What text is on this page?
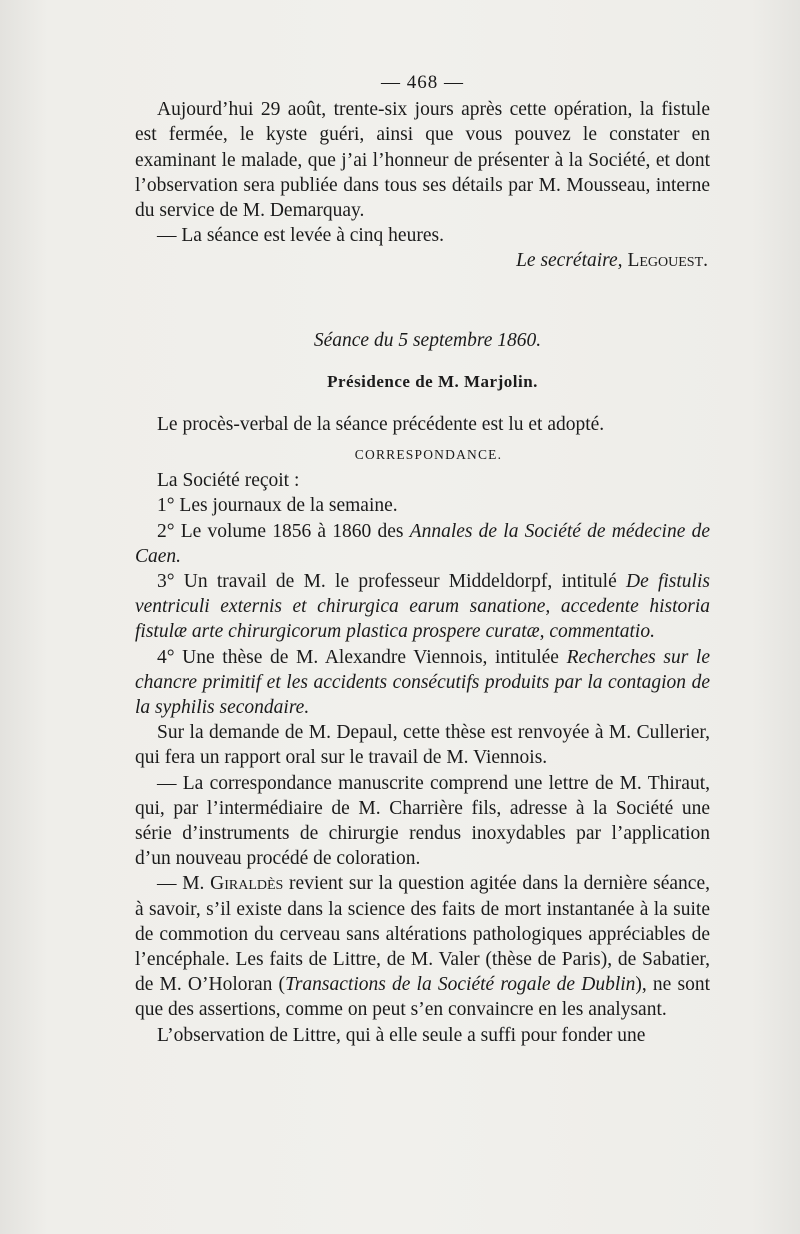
— 468 —

Aujourd’hui 29 août, trente-six jours après cette opération, la fistule est fermée, le kyste guéri, ainsi que vous pouvez le constater en examinant le malade, que j’ai l’honneur de présenter à la Société, et dont l’observation sera publiée dans tous ses détails par M. Mousseau, interne du service de M. Demarquay.

— La séance est levée à cinq heures.

Le secrétaire, Legouest.
Séance du 5 septembre 1860.
Présidence de M. Marjolin.

Le procès-verbal de la séance précédente est lu et adopté.

CORRESPONDANCE.

La Société reçoit :

1° Les journaux de la semaine.

2° Le volume 1856 à 1860 des Annales de la Société de médecine de Caen.

3° Un travail de M. le professeur Middeldorpf, intitulé De fistulis ventriculi externis et chirurgica earum sanatione, accedente historia fistulæ arte chirurgicorum plastica prospere curatæ, commentatio.

4° Une thèse de M. Alexandre Viennois, intitulée Recherches sur le chancre primitif et les accidents consécutifs produits par la contagion de la syphilis secondaire.

Sur la demande de M. Depaul, cette thèse est renvoyée à M. Cullerier, qui fera un rapport oral sur le travail de M. Viennois.

— La correspondance manuscrite comprend une lettre de M. Thiraut, qui, par l’intermédiaire de M. Charrière fils, adresse à la Société une série d’instruments de chirurgie rendus inoxydables par l’application d’un nouveau procédé de coloration.

— M. Giraldès revient sur la question agitée dans la dernière séance, à savoir, s’il existe dans la science des faits de mort instantanée à la suite de commotion du cerveau sans altérations pathologiques appréciables de l’encéphale. Les faits de Littre, de M. Valer (thèse de Paris), de Sabatier, de M. O’Holoran (Transactions de la Société rogale de Dublin), ne sont que des assertions, comme on peut s’en convaincre en les analysant.

L’observation de Littre, qui à elle seule a suffi pour fonder une
